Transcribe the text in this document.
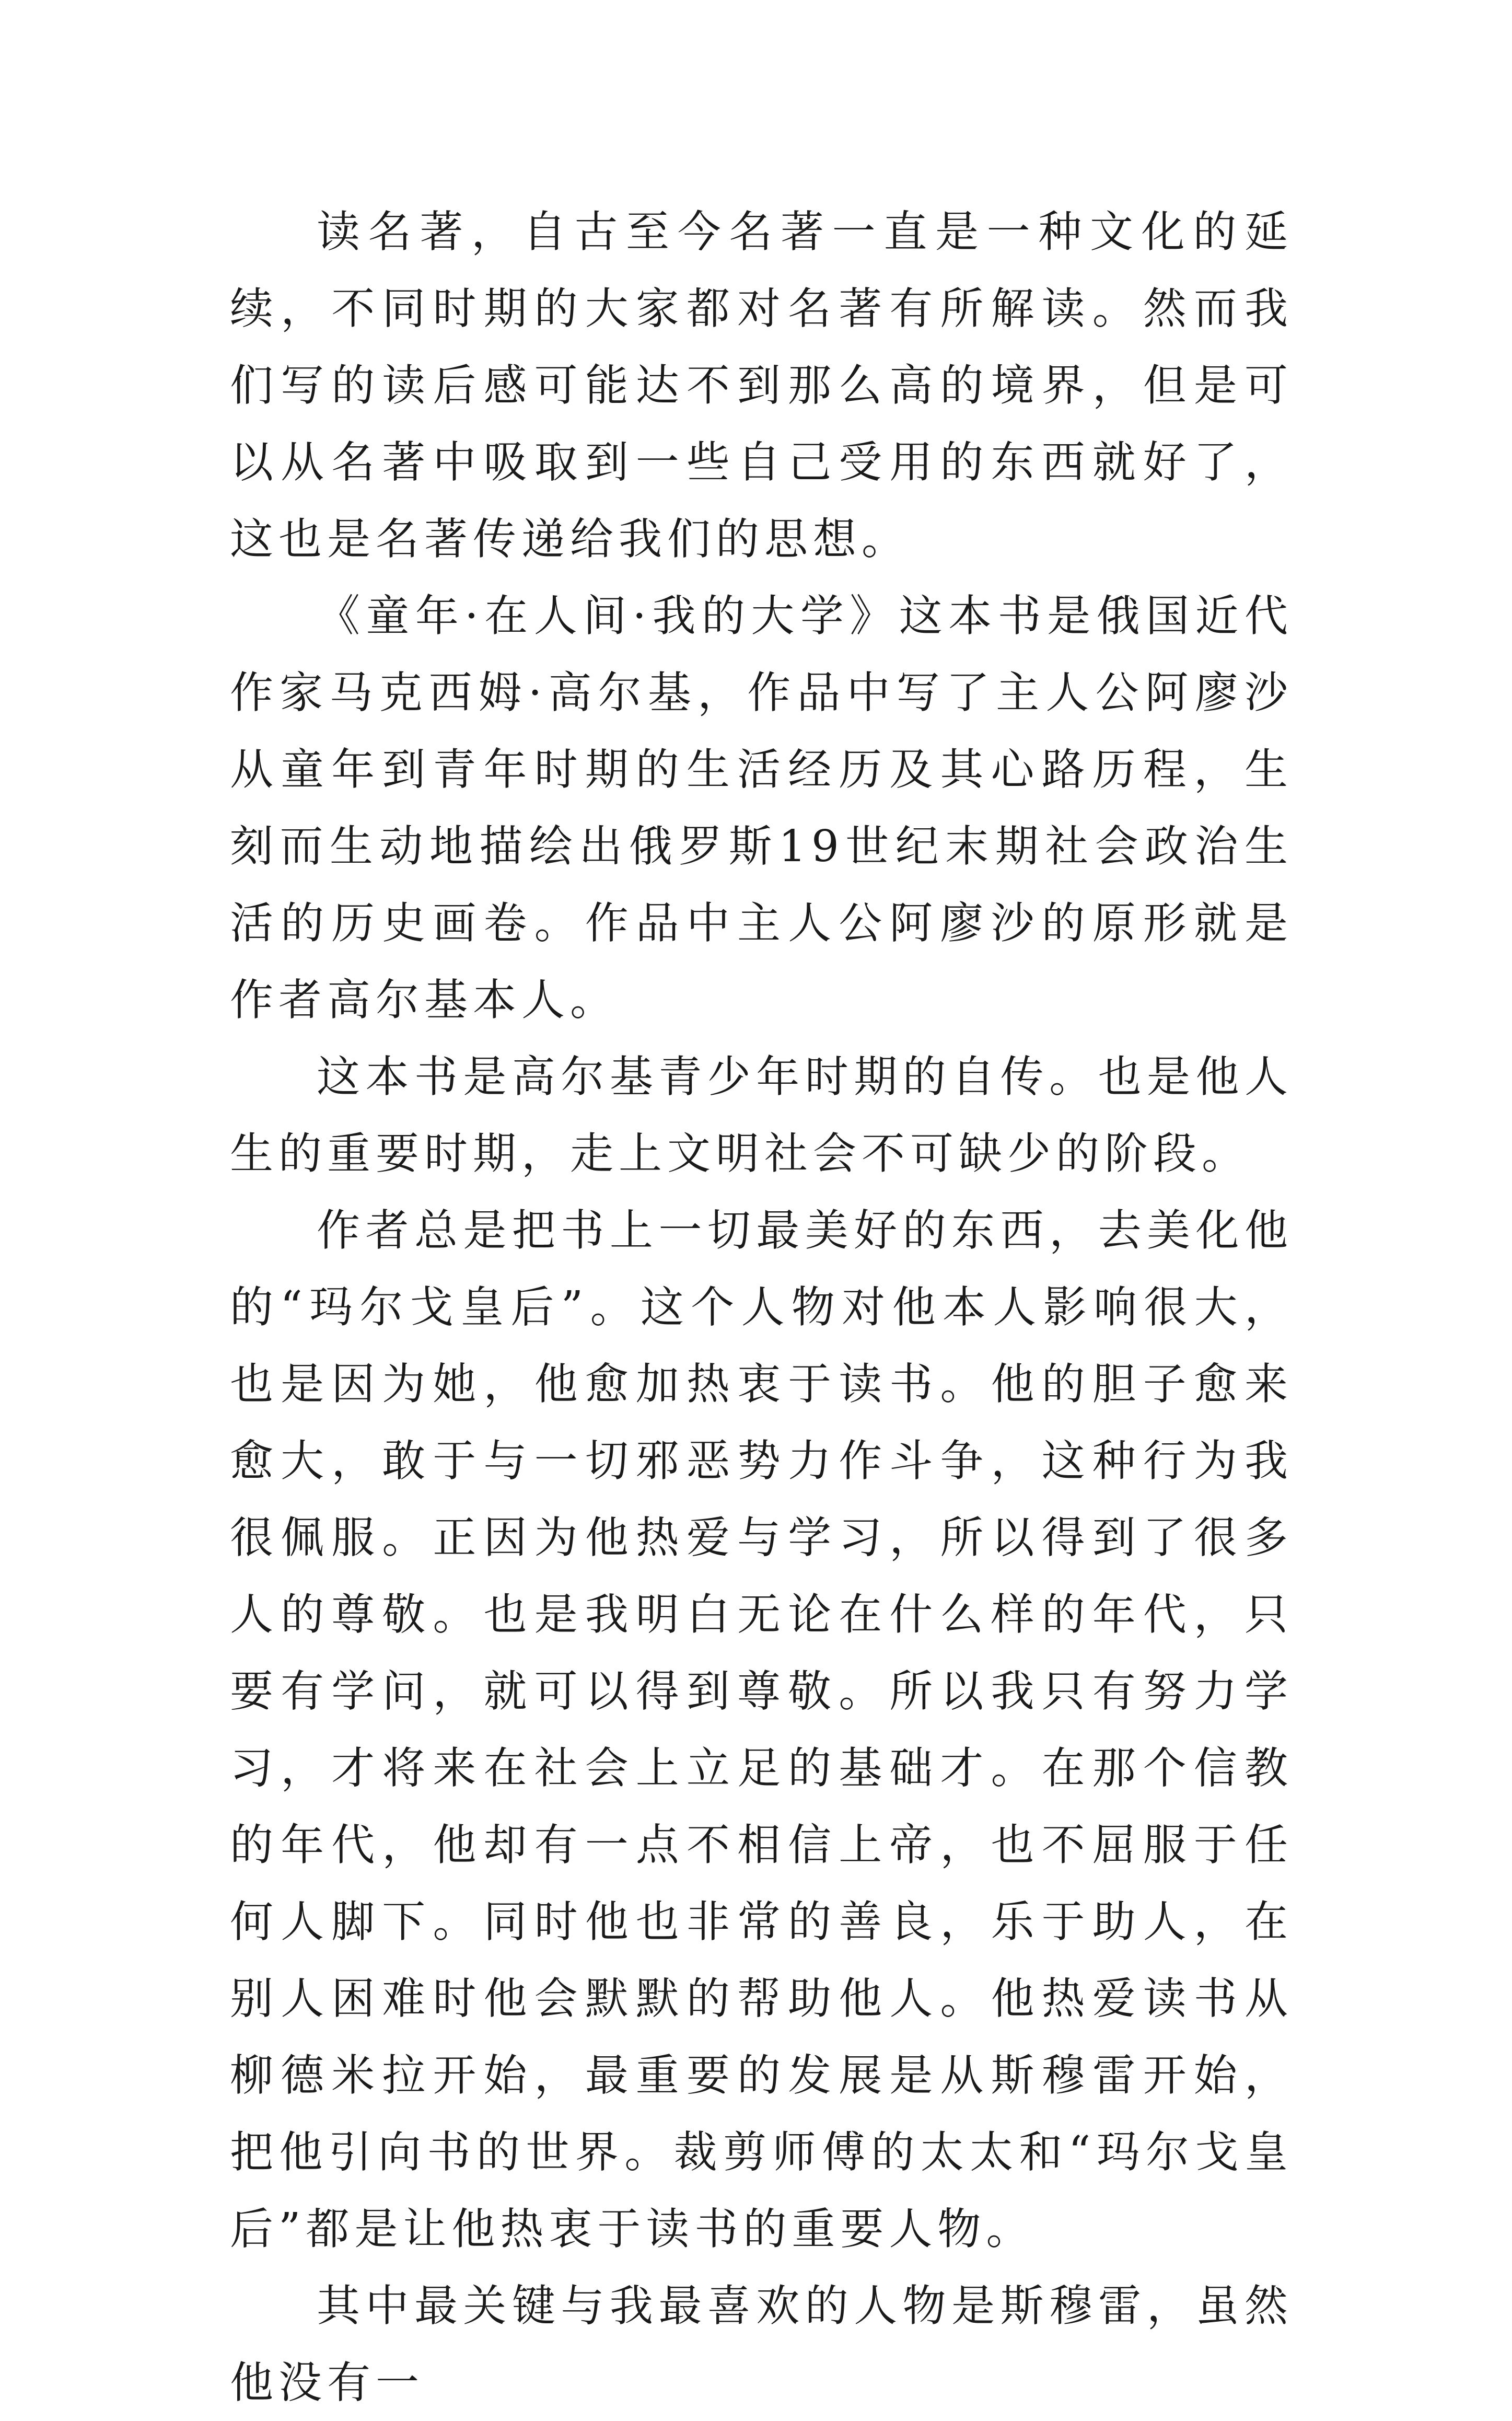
读名著，自古至今名著一直是一种文化的延续，不同时期的大家都对名著有所解读。然而我们写的读后感可能达不到那么高的境界，但是可以从名著中吸取到一些自己受用的东西就好了，这也是名著传递给我们的思想。

《童年·在人间·我的大学》这本书是俄国近代作家马克西姆·高尔基，作品中写了主人公阿廖沙从童年到青年时期的生活经历及其心路历程，生刻而生动地描绘出俄罗斯19世纪末期社会政治生活的历史画卷。作品中主人公阿廖沙的原形就是作者高尔基本人。

这本书是高尔基青少年时期的自传。也是他人生的重要时期，走上文明社会不可缺少的阶段。

作者总是把书上一切最美好的东西，去美化他的“玛尔戈皇后”。这个人物对他本人影响很大，也是因为她，他愈加热衷于读书。他的胆子愈来愈大，敢于与一切邪恶势力作斗争，这种行为我很佩服。正因为他热爱与学习，所以得到了很多人的尊敬。也是我明白无论在什么样的年代，只要有学问，就可以得到尊敬。所以我只有努力学习，才将来在社会上立足的基础才。在那个信教的年代，他却有一点不相信上帝，也不屈服于任何人脚下。同时他也非常的善良，乐于助人，在别人困难时他会默默的帮助他人。他热爱读书从柳德米拉开始，最重要的发展是从斯穆雷开始，把他引向书的世界。裁剪师傅的太太和“玛尔戈皇后”都是让他热衷于读书的重要人物。

其中最关键与我最喜欢的人物是斯穆雷，虽然他没有一
